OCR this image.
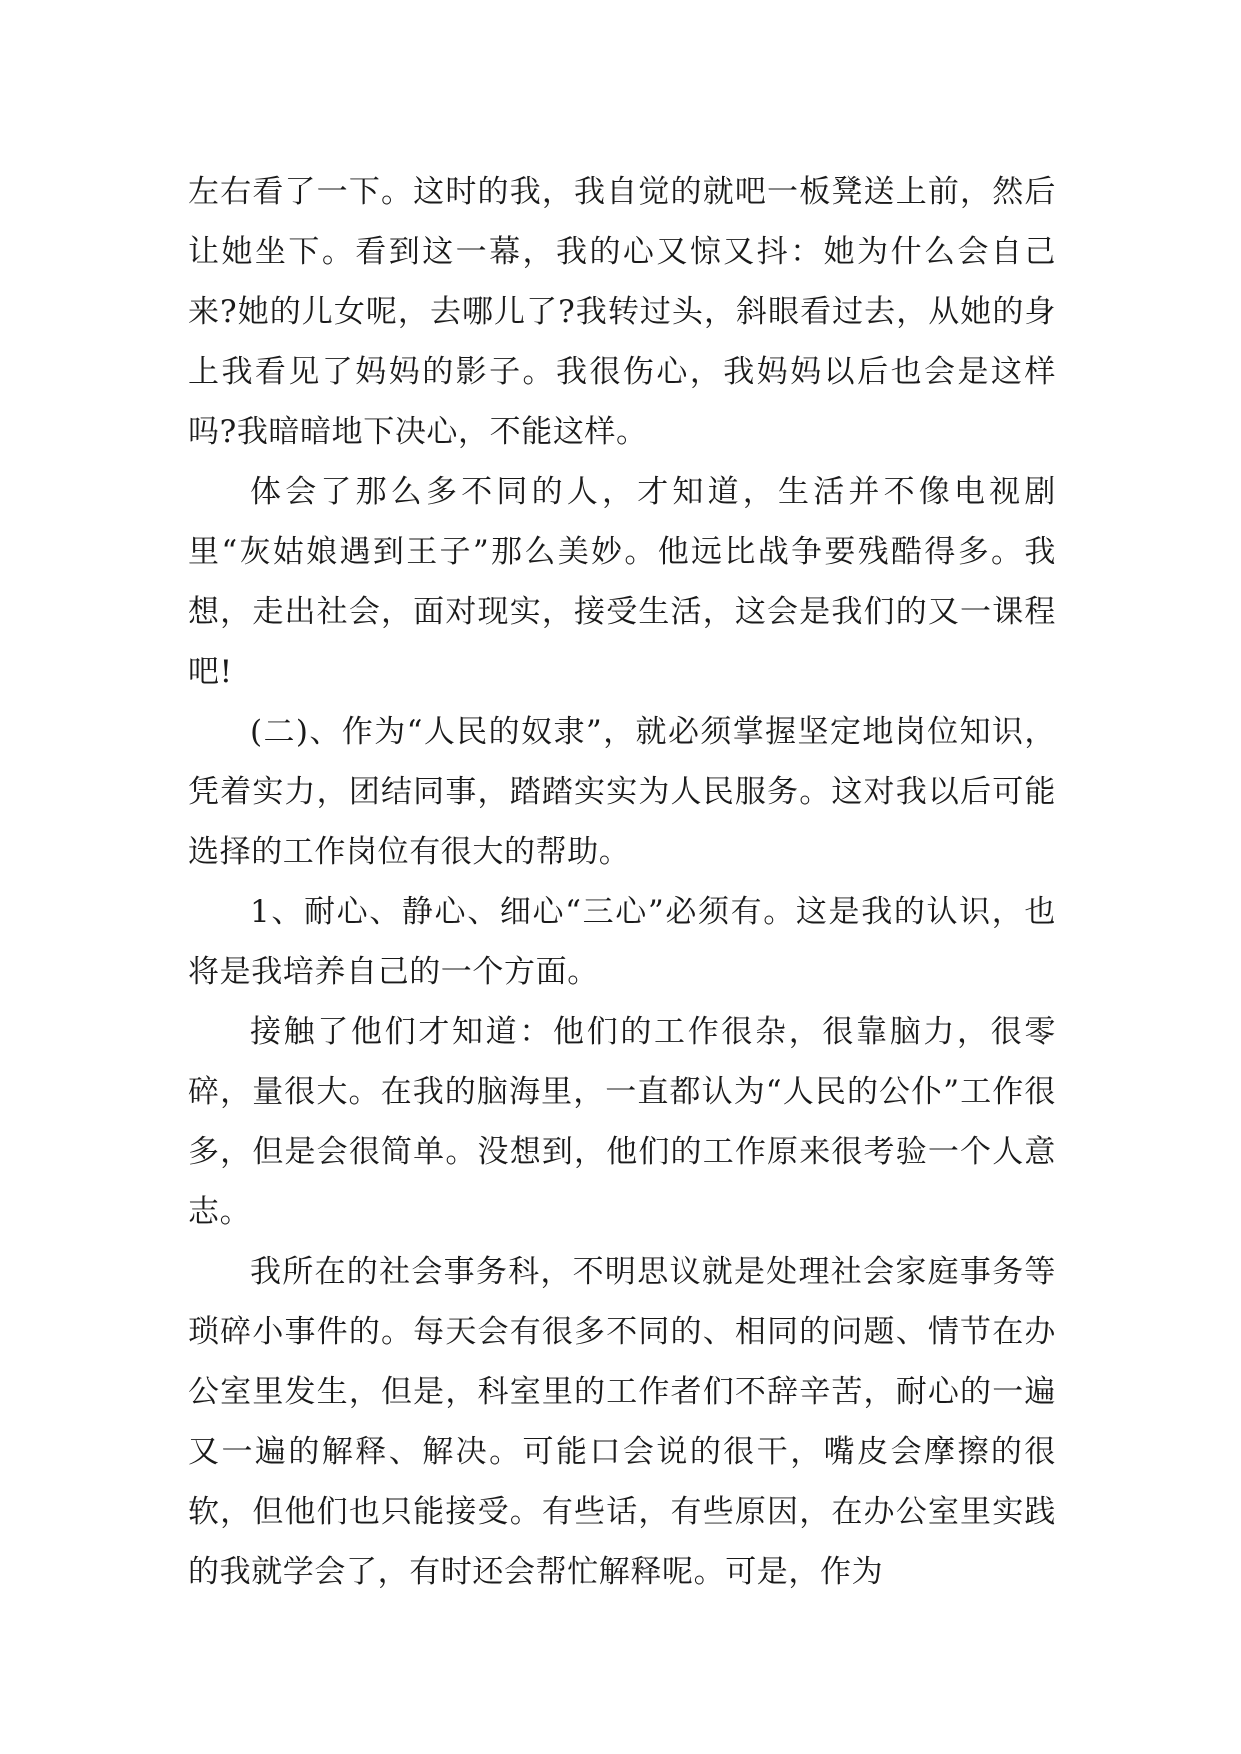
左右看了一下。这时的我，我自觉的就吧一板凳送上前，然后让她坐下。看到这一幕，我的心又惊又抖：她为什么会自己来?她的儿女呢，去哪儿了?我转过头，斜眼看过去，从她的身上我看见了妈妈的影子。我很伤心，我妈妈以后也会是这样吗?我暗暗地下决心，不能这样。

体会了那么多不同的人，才知道，生活并不像电视剧里“灰姑娘遇到王子”那么美妙。他远比战争要残酷得多。我想，走出社会，面对现实，接受生活，这会是我们的又一课程吧!

(二)、作为“人民的奴隶”，就必须掌握坚定地岗位知识，凭着实力，团结同事，踏踏实实为人民服务。这对我以后可能选择的工作岗位有很大的帮助。

1、耐心、静心、细心“三心”必须有。这是我的认识，也将是我培养自己的一个方面。

接触了他们才知道：他们的工作很杂，很靠脑力，很零碎，量很大。在我的脑海里，一直都认为“人民的公仆”工作很多，但是会很简单。没想到，他们的工作原来很考验一个人意志。

我所在的社会事务科，不明思议就是处理社会家庭事务等琐碎小事件的。每天会有很多不同的、相同的问题、情节在办公室里发生，但是，科室里的工作者们不辞辛苦，耐心的一遍又一遍的解释、解决。可能口会说的很干，嘴皮会摩擦的很软，但他们也只能接受。有些话，有些原因，在办公室里实践的我就学会了，有时还会帮忙解释呢。可是，作为
